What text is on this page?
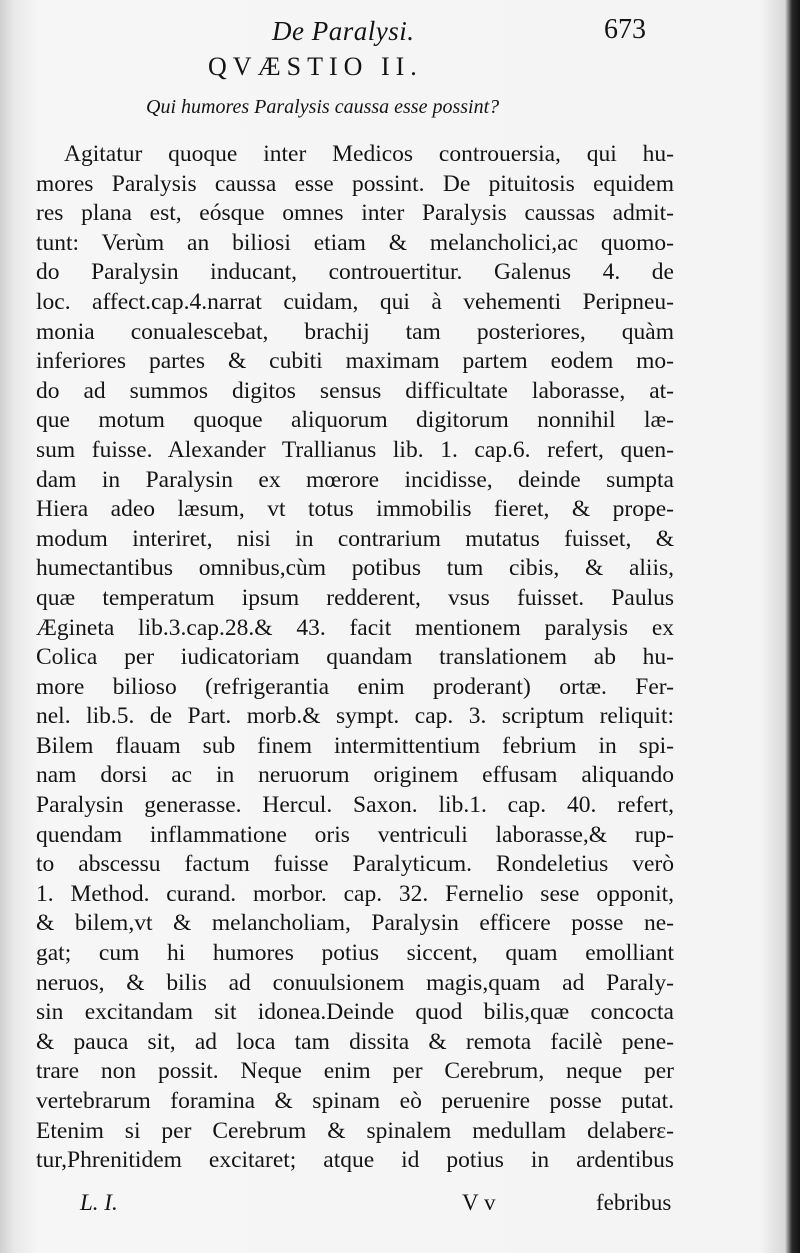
De Paralysi.	673
QVÆSTIO II.
Qui humores Paralysis caussa esse possint?
Agitatur quoque inter Medicos controuersia, qui hu-
mores Paralysis caussa esse possint. De pituitosis equidem
res plana est, eósque omnes inter Paralysis caussas admit-
tunt: Verùm an biliosi etiam & melancholici,ac quomo-
do Paralysin inducant, controuertitur. Galenus 4. de
loc. affect.cap.4.narrat cuidam, qui à vehementi Peripneu-
monia conualescebat, brachij tam posteriores, quàm
inferiores partes & cubiti maximam partem eodem mo-
do ad summos digitos sensus difficultate laborasse, at-
que motum quoque aliquorum digitorum nonnihil læ-
sum fuisse. Alexander Trallianus lib. 1. cap.6. refert, quen-
dam in Paralysin ex mœrore incidisse, deinde sumpta
Hiera adeo læsum, vt totus immobilis fieret, & prope-
modum interiret, nisi in contrarium mutatus fuisset, &
humectantibus omnibus,cùm potibus tum cibis, & aliis,
quæ temperatum ipsum redderent, vsus fuisset. Paulus
Ægineta lib.3.cap.28.& 43. facit mentionem paralysis ex
Colica per iudicatoriam quandam translationem ab hu-
more bilioso (refrigerantia enim proderant) ortæ. Fer-
nel. lib.5. de Part. morb.& sympt. cap. 3. scriptum reliquit:
Bilem flauam sub finem intermittentium febrium in spi-
nam dorsi ac in neruorum originem effusam aliquando
Paralysin generasse. Hercul. Saxon. lib.1. cap. 40. refert,
quendam inflammatione oris ventriculi laborasse,& rup-
to abscessu factum fuisse Paralyticum. Rondeletius verò
1. Method. curand. morbor. cap. 32. Fernelio sese opponit,
& bilem,vt & melancholiam, Paralysin efficere posse ne-
gat; cum hi humores potius siccent, quam emolliant
neruos, & bilis ad conuulsionem magis,quam ad Paraly-
sin excitandam sit idonea.Deinde quod bilis,quæ concocta
& pauca sit, ad loca tam dissita & remota facilè pene-
trare non possit. Neque enim per Cerebrum, neque per
vertebrarum foramina & spinam eò peruenire posse putat.
Etenim si per Cerebrum & spinalem medullam delaberε-
tur,Phrenitidem excitaret; atque id potius in ardentibus
L. I.	V v	febribus
